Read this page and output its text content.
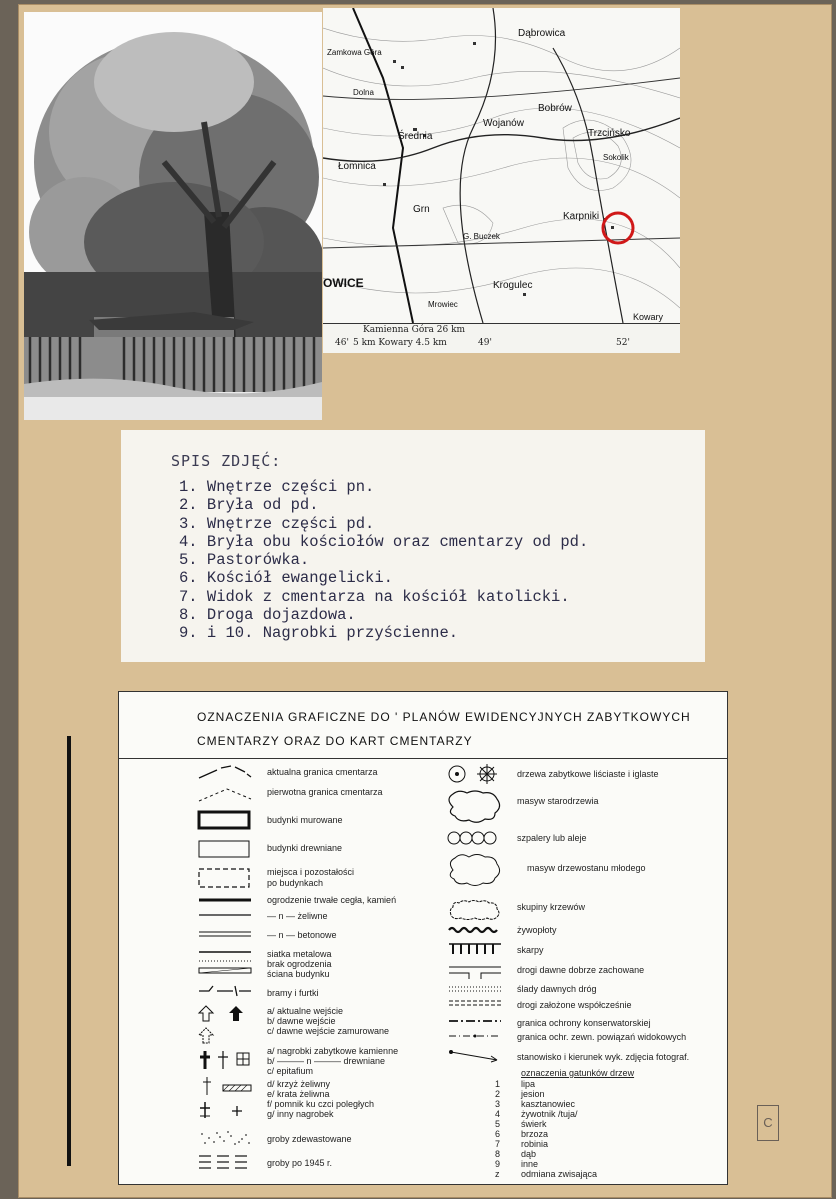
Dąbrowica
Bobrów
Wojanów
Trzcińsko
Średnia
Łomnica
Karpniki
Krogulec
Dolna
Zamkowa Góra
Sokolik
G. Buczek
Mrowiec
Grn
OWICE
Kowary
Kamienna Góra 26 km
5 km Kowary 4.5 km
46'	49'	52'
SPIS ZDJĘĆ:
1. Wnętrze części pn.
2. Bryła od pd.
3. Wnętrze części pd.
4. Bryła obu kościołów oraz cmentarzy od pd.
5. Pastorówka.
6. Kościół ewangelicki.
7. Widok z cmentarza na kościół katolicki.
8. Droga dojazdowa.
9. i 10. Nagrobki przyścienne.
OZNACZENIA GRAFICZNE DO ' PLANÓW EWIDENCYJNYCH ZABYTKOWYCH
CMENTARZY ORAZ DO KART CMENTARZY
aktualna granica cmentarza
pierwotna granica cmentarza
budynki murowane
budynki drewniane
miejsca i pozostałości
po budynkach
ogrodzenie trwałe cegła, kamień
— n — żeliwne
— n — betonowe
siatka metalowa
brak ogrodzenia
ściana budynku
bramy i furtki
a/ aktualne wejście
b/ dawne wejście
c/ dawne wejście zamurowane
a/ nagrobki zabytkowe kamienne
b/ ——— n ——— drewniane
c/ epitafium
d/ krzyż żeliwny
e/ krata żeliwna
f/ pomnik ku czci poległych
g/ inny nagrobek
groby zdewastowane
groby po 1945 r.
drzewa zabytkowe liściaste i iglaste
masyw starodrzewia
szpalery lub aleje
masyw drzewostanu młodego
skupiny krzewów
żywopłoty
skarpy
drogi dawne dobrze zachowane
ślady dawnych dróg
drogi założone współcześnie
granica ochrony konserwatorskiej
granica ochr. zewn. powiązań widokowych
stanowisko i kierunek wyk. zdjęcia fotograf.
oznaczenia gatunków drzew
1 lipa
2 jesion
3 kasztanowiec
4 żywotnik /tuja/
5 świerk
6 brzoza
7 robinia
8 dąb
9 inne
z odmiana zwisająca
C
